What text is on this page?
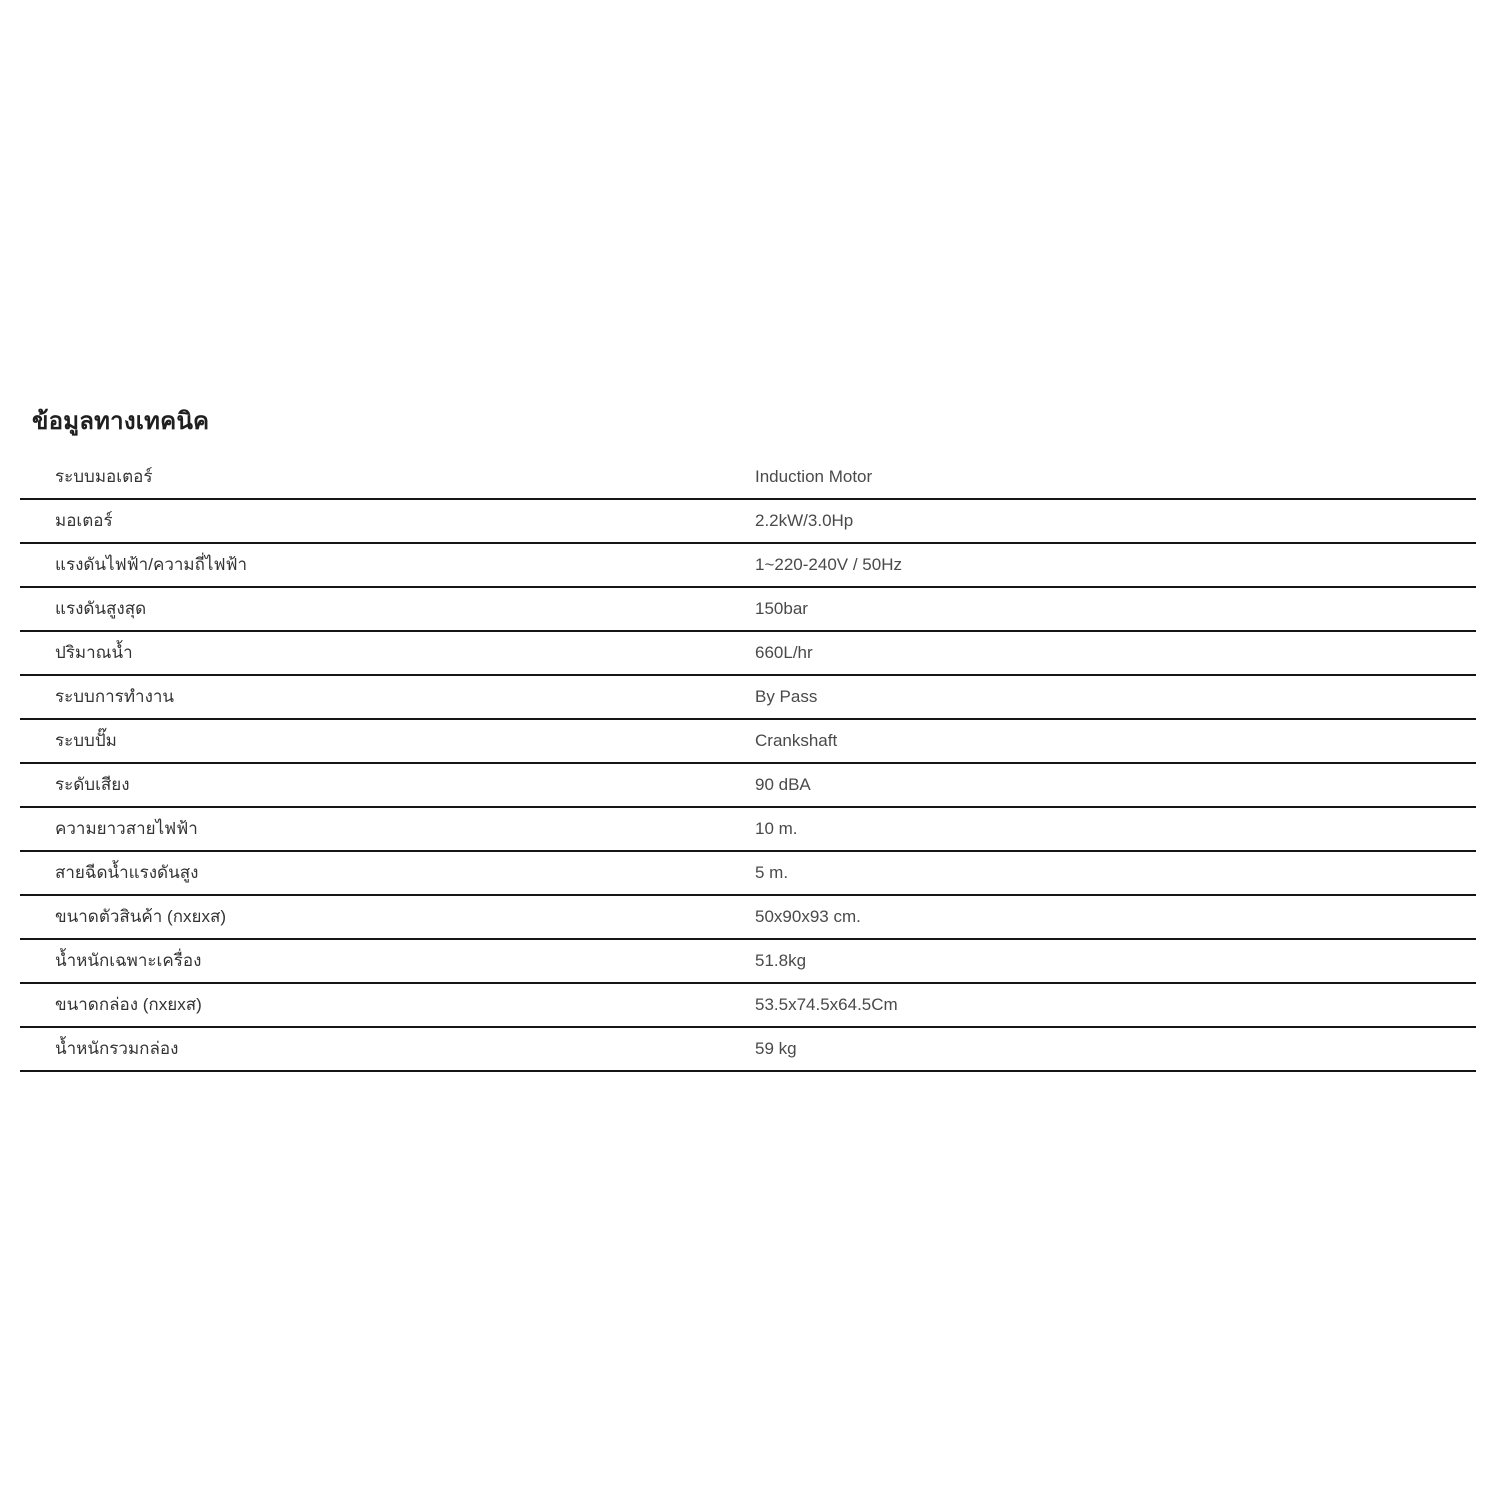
ข้อมูลทางเทคนิค
ระบบมอเตอร์	Induction Motor
มอเตอร์	2.2kW/3.0Hp
แรงดันไฟฟ้า/ความถี่ไฟฟ้า	1~220-240V / 50Hz
แรงดันสูงสุด	150bar
ปริมาณน้ำ	660L/hr
ระบบการทำงาน	By Pass
ระบบปั๊ม	Crankshaft
ระดับเสียง	90 dBA
ความยาวสายไฟฟ้า	10 m.
สายฉีดน้ำแรงดันสูง	5 m.
ขนาดตัวสินค้า (กxยxส)	50x90x93 cm.
น้ำหนักเฉพาะเครื่อง	51.8kg
ขนาดกล่อง (กxยxส)	53.5x74.5x64.5Cm
น้ำหนักรวมกล่อง	59 kg
